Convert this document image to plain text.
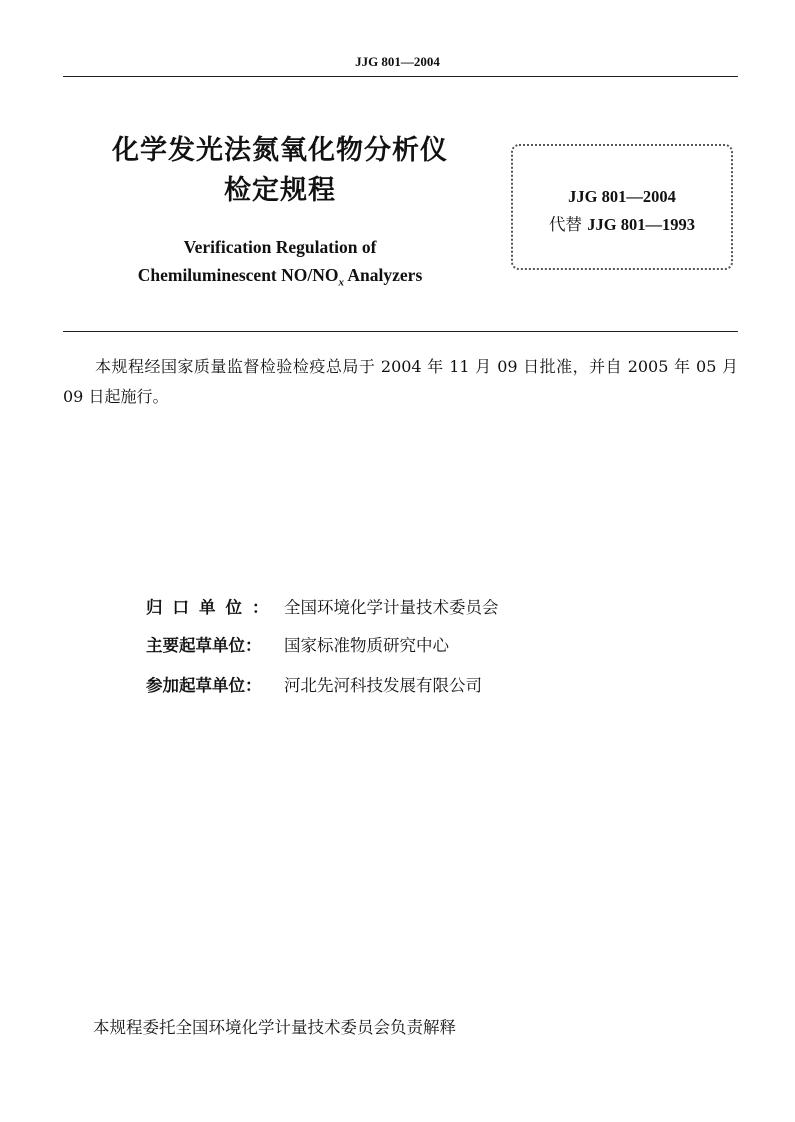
JJG 801—2004
化学发光法氮氧化物分析仪
检定规程
Verification Regulation of
Chemiluminescent $NO/NO_x$ Analyzers
JJG 801—2004
代替 JJG 801—1993
本规程经国家质量监督检验检疫总局于 2004 年 11 月 09 日批准，并自 2005 年 05 月 09 日起施行。
归口单位： 全国环境化学计量技术委员会
主要起草单位： 国家标准物质研究中心
参加起草单位： 河北先河科技发展有限公司
本规程委托全国环境化学计量技术委员会负责解释
